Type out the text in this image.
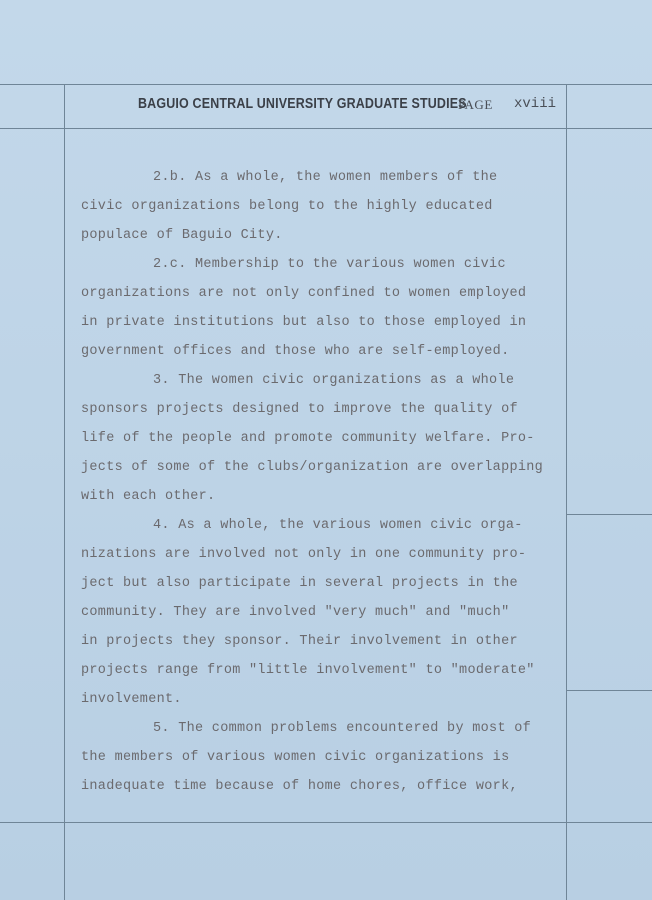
BAGUIO CENTRAL UNIVERSITY GRADUATE STUDIES
PAGE xviii
2.b. As a whole, the women members of the
civic organizations belong to the highly educated
populace of Baguio City.
2.c. Membership to the various women civic
organizations are not only confined to women employed
in private institutions but also to those employed in
government offices and those who are self-employed.
3. The women civic organizations as a whole
sponsors projects designed to improve the quality of
life of the people and promote community welfare. Pro-
jects of some of the clubs/organization are overlapping
with each other.
4. As a whole, the various women civic orga-
nizations are involved not only in one community pro-
ject but also participate in several projects in the
community. They are involved "very much" and "much"
in projects they sponsor. Their involvement in other
projects range from "little involvement" to "moderate"
involvement.
5. The common problems encountered by most of
the members of various women civic organizations is
inadequate time because of home chores, office work,
